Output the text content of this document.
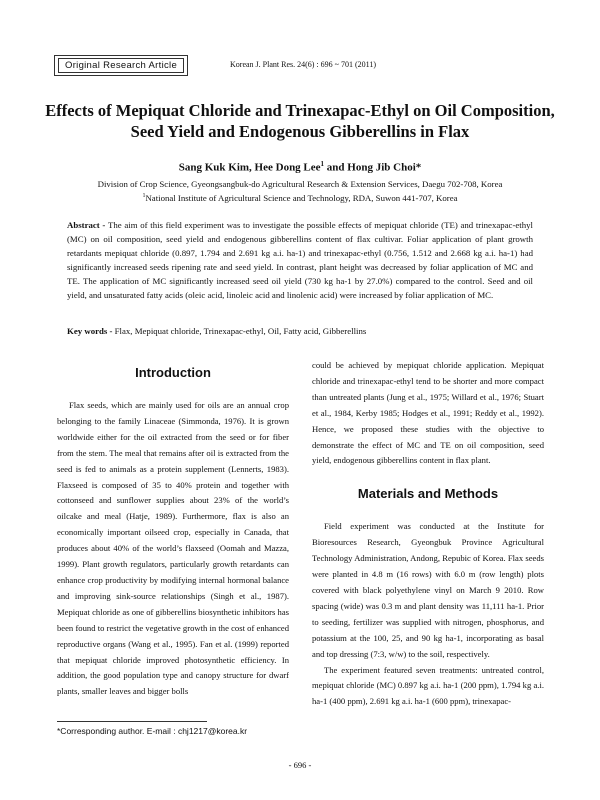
Original Research Article	Korean J. Plant Res. 24(6) : 696 ~ 701 (2011)
Effects of Mepiquat Chloride and Trinexapac-Ethyl on Oil Composition,
Seed Yield and Endogenous Gibberellins in Flax
Sang Kuk Kim, Hee Dong Lee$^1$ and Hong Jib Choi*
Division of Crop Science, Gyeongsangbuk-do Agricultural Research & Extension Services, Daegu 702-708, Korea
$^1$National Institute of Agricultural Science and Technology, RDA, Suwon 441-707, Korea
Abstract - The aim of this field experiment was to investigate the possible effects of mepiquat chloride (TE) and trinexapac-ethyl (MC) on oil composition, seed yield and endogenous gibberellins content of flax cultivar. Foliar application of plant growth retardants mepiquat chloride (0.897, 1.794 and 2.691 kg a.i. ha-1) and trinexapac-ethyl (0.756, 1.512 and 2.668 kg a.i. ha-1) had significantly increased seeds ripening rate and seed yield. In contrast, plant height was decreased by foliar application of MC and TE. The application of MC significantly increased seed oil yield (730 kg ha-1 by 27.0%) compared to the control. Seed and oil yield, and unsaturated fatty acids (oleic acid, linoleic acid and linolenic acid) were increased by foliar application of MC.
Key words - Flax, Mepiquat chloride, Trinexapac-ethyl, Oil, Fatty acid, Gibberellins
Introduction

Flax seeds, which are mainly used for oils are an annual crop belonging to the family Linaceae (Simmonda, 1976). It is grown worldwide either for the oil extracted from the seed or for fiber from the stem. The meal that remains after oil is extracted from the seed is fed to animals as a protein supplement (Lennerts, 1983). Flaxseed is composed of 35 to 40% protein and together with cottonseed and sunflower supplies about 23% of the world’s oilcake and meal (Hatje, 1989). Furthermore, flax is also an economically important oilseed crop, especially in Canada, that produces about 40% of the world’s flaxseed (Oomah and Mazza, 1999). Plant growth regulators, particularly growth retardants can enhance crop productivity by modifying internal hormonal balance and improving sink-source relationships (Singh et al., 1987). Mepiquat chloride as one of gibberellins biosynthetic inhibitors has been found to restrict the vegetative growth in the cost of enhanced reproductive organs (Wang et al., 1995). Fan et al. (1999) reported that mepiquat chloride improved photosynthetic efficiency. In addition, the good population type and canopy structure for dwarf plants, smaller leaves and bigger bolls

could be achieved by mepiquat chloride application. Mepiquat chloride and trinexapac-ethyl tend to be shorter and more compact than untreated plants (Jung et al., 1975; Willard et al., 1976; Stuart et al., 1984, Kerby 1985; Hodges et al., 1991; Reddy et al., 1992). Hence, we proposed these studies with the objective to demonstrate the effect of MC and TE on oil composition, seed yield, endogenous gibberellins content in flax plant.

Materials and Methods

Field experiment was conducted at the Institute for Bioresources Research, Gyeongbuk Province Agricultural Technology Administration, Andong, Repubic of Korea. Flax seeds were planted in 4.8 m (16 rows) with 6.0 m (row length) plots covered with black polyethylene vinyl on March 9 2010. Row spacing (wide) was 0.3 m and plant density was 11,111 ha-1. Prior to seeding, fertilizer was supplied with nitrogen, phosphorus, and potassium at the 100, 25, and 90 kg ha-1, incorporating as basal and top dressing (7:3, w/w) to the soil, respectively.

The experiment featured seven treatments: untreated control, mepiquat chloride (MC) 0.897 kg a.i. ha-1 (200 ppm), 1.794 kg a.i. ha-1 (400 ppm), 2.691 kg a.i. ha-1 (600 ppm), trinexapac-

*Corresponding author. E-mail : chj1217@korea.kr
- 696 -
